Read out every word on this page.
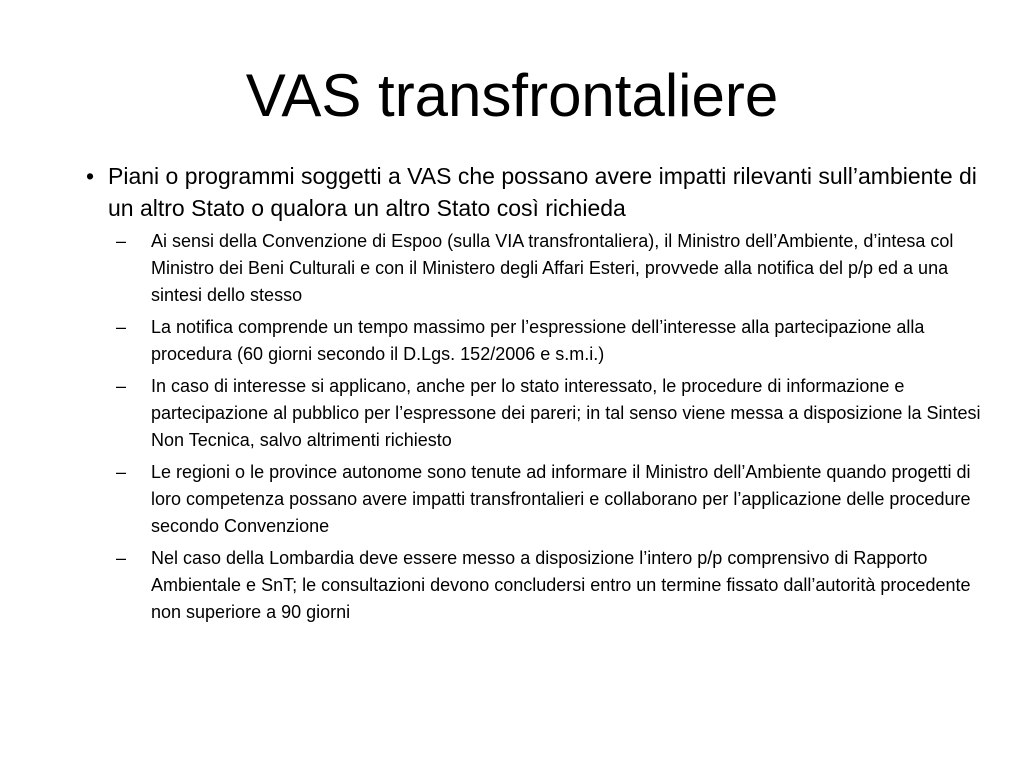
VAS transfrontaliere
• Piani o programmi soggetti a VAS che possano avere impatti rilevanti sull’ambiente di un altro Stato o qualora un altro Stato così richieda
– Ai sensi della Convenzione di Espoo (sulla VIA transfrontaliera), il Ministro dell’Ambiente, d’intesa col Ministro dei Beni Culturali e con il Ministero degli Affari Esteri, provvede alla notifica del p/p ed a una sintesi dello stesso
– La notifica comprende un tempo massimo per l’espressione dell’interesse alla partecipazione alla procedura (60 giorni secondo il D.Lgs. 152/2006 e s.m.i.)
– In caso di interesse si applicano, anche per lo stato interessato, le procedure di informazione e partecipazione al pubblico per l’espressone dei pareri; in tal senso viene messa a disposizione la Sintesi Non Tecnica, salvo altrimenti richiesto
– Le regioni o le province autonome sono tenute ad informare il Ministro dell’Ambiente quando progetti di loro competenza possano avere impatti transfrontalieri e collaborano per l’applicazione delle procedure secondo Convenzione
– Nel caso della Lombardia deve essere messo a disposizione l’intero p/p comprensivo di Rapporto Ambientale e SnT; le consultazioni devono concludersi entro un termine fissato dall’autorità procedente non superiore a 90 giorni
